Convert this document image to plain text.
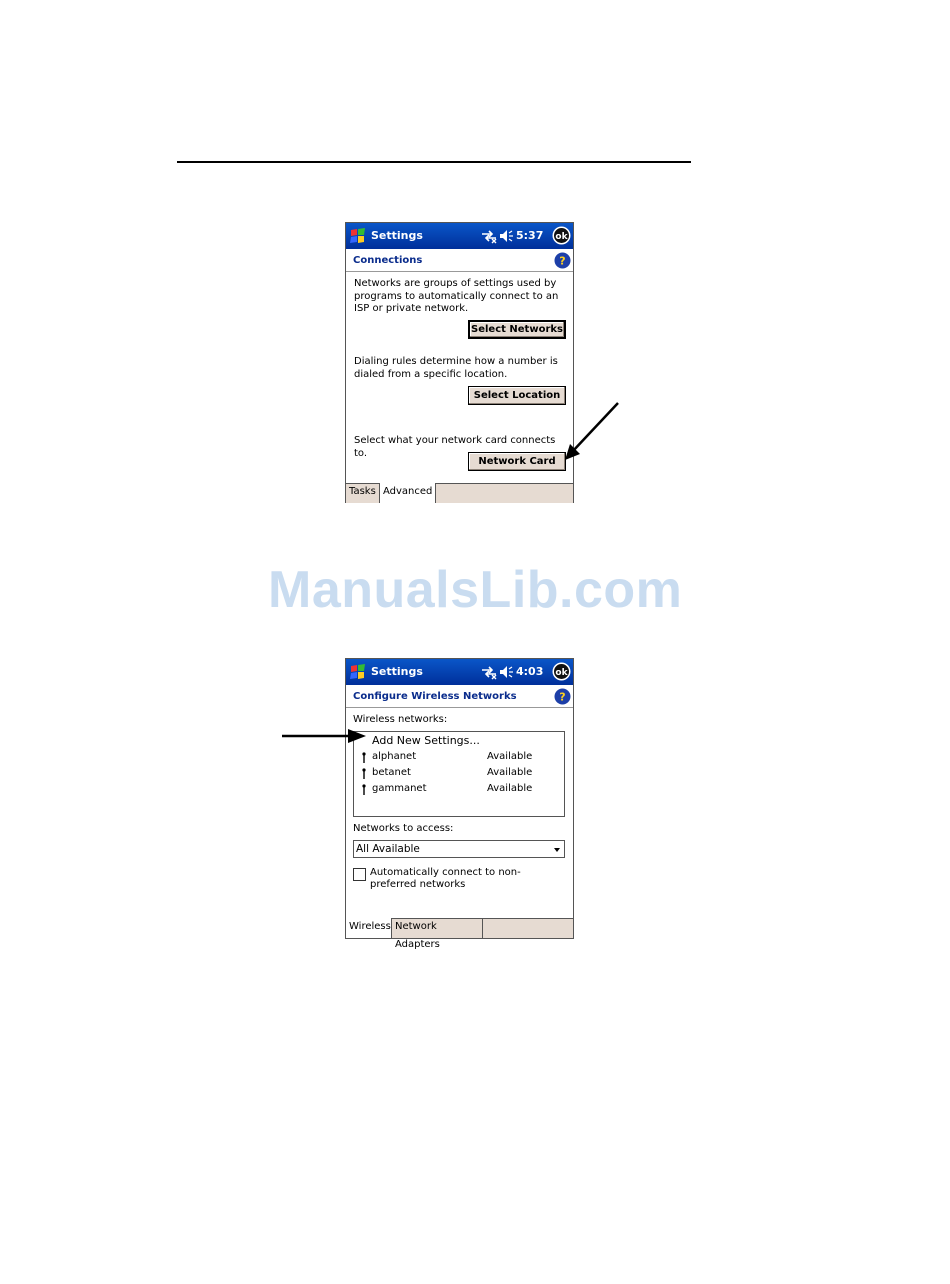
Settings	5:37 ok
Connections	?
Networks are groups of settings used by programs to automatically connect to an ISP or private network.
Select Networks
Dialing rules determine how a number is dialed from a specific location.
Select Location
Select what your network card connects to.
Network Card
Tasks Advanced
ManualsLib.com
Settings	4:03 ok
Configure Wireless Networks	?
Wireless networks:
Add New Settings...
alphanet	Available
betanet	Available
gammanet	Available
Networks to access:
All Available
Automatically connect to non-preferred networks
Wireless Network Adapters
